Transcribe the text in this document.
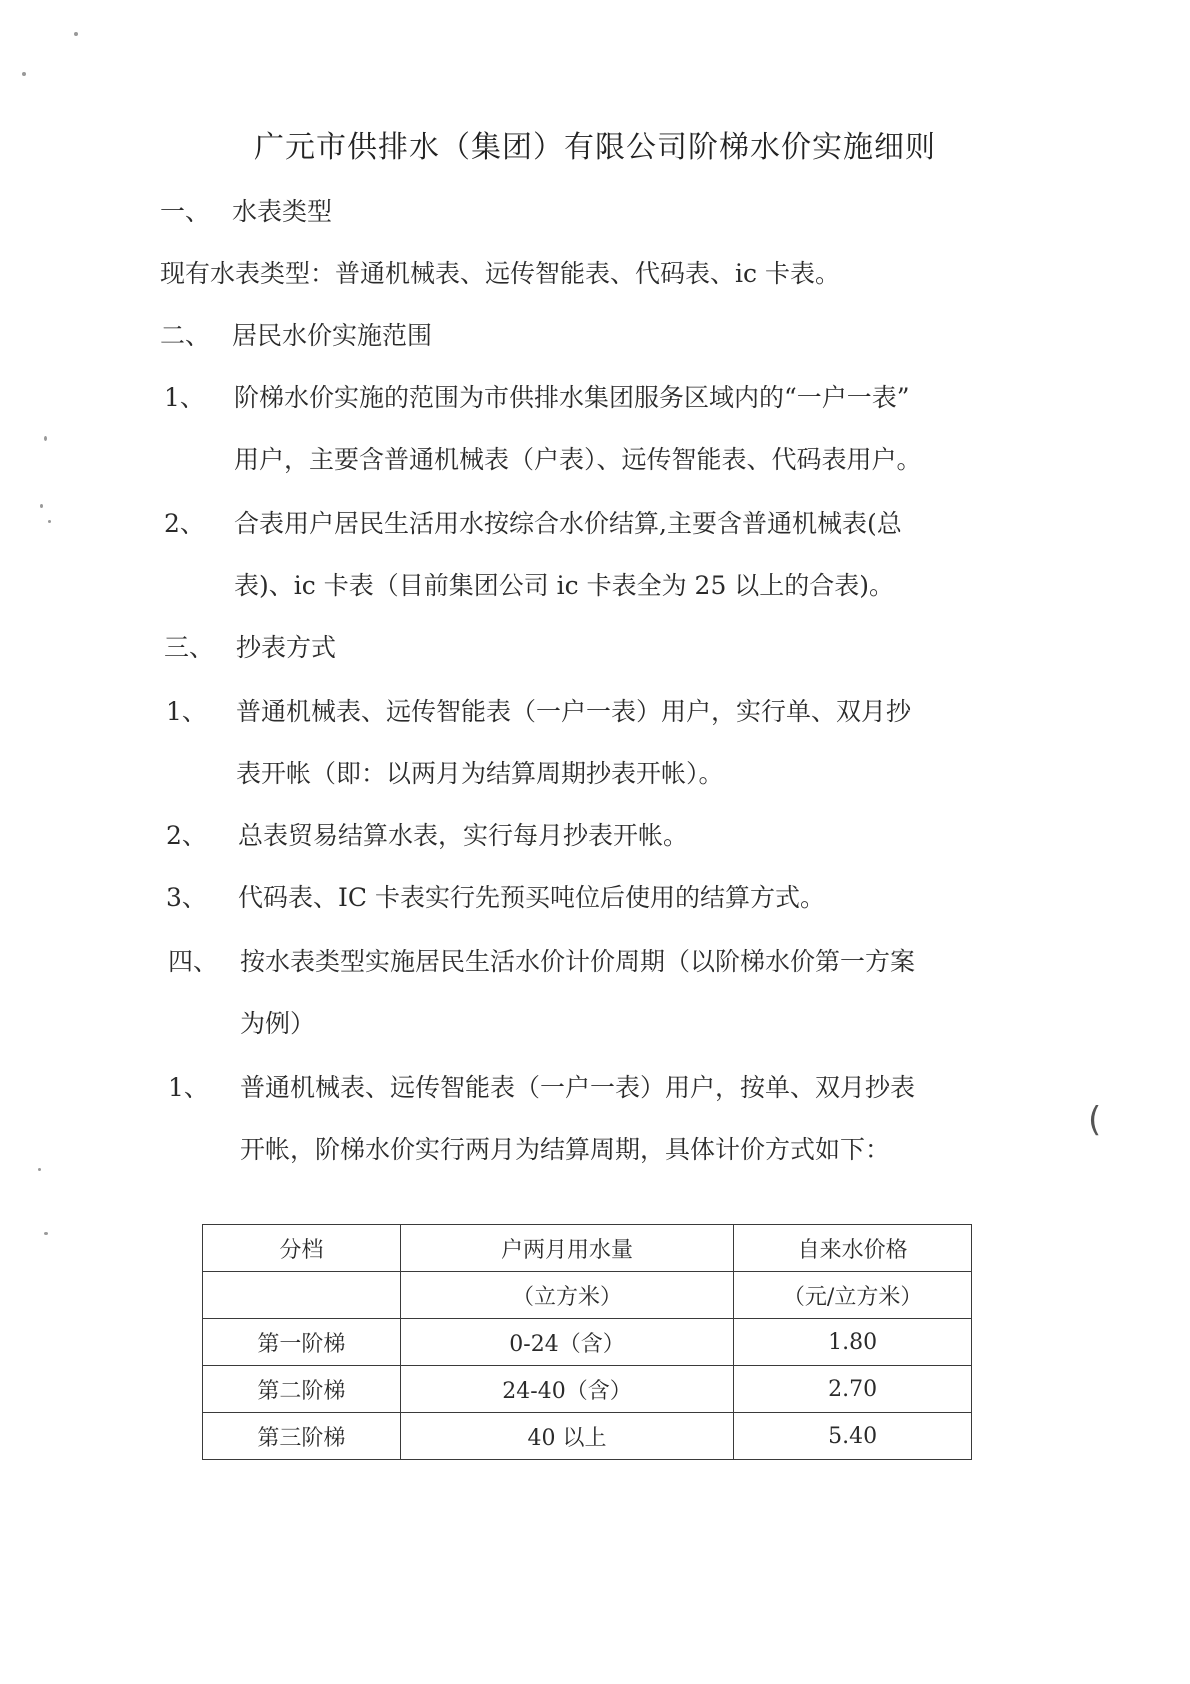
广元市供排水（集团）有限公司阶梯水价实施细则
一、 水表类型
现有水表类型：普通机械表、远传智能表、代码表、ic 卡表。
二、 居民水价实施范围
1、 阶梯水价实施的范围为市供排水集团服务区域内的“一户一表”
用户，主要含普通机械表（户表）、远传智能表、代码表用户。
2、 合表用户居民生活用水按综合水价结算,主要含普通机械表(总
表)、ic 卡表（目前集团公司 ic 卡表全为 25 以上的合表)。
三、 抄表方式
1、 普通机械表、远传智能表（一户一表）用户，实行单、双月抄
表开帐（即：以两月为结算周期抄表开帐）。
2、 总表贸易结算水表，实行每月抄表开帐。
3、 代码表、IC 卡表实行先预买吨位后使用的结算方式。
四、 按水表类型实施居民生活水价计价周期（以阶梯水价第一方案
为例）
1、 普通机械表、远传智能表（一户一表）用户，按单、双月抄表
开帐，阶梯水价实行两月为结算周期，具体计价方式如下：
分档	户两月用水量	自来水价格
	（立方米）	（元/立方米）
第一阶梯	0-24（含）	1.80
第二阶梯	24-40（含）	2.70
第三阶梯	40 以上	5.40
(
